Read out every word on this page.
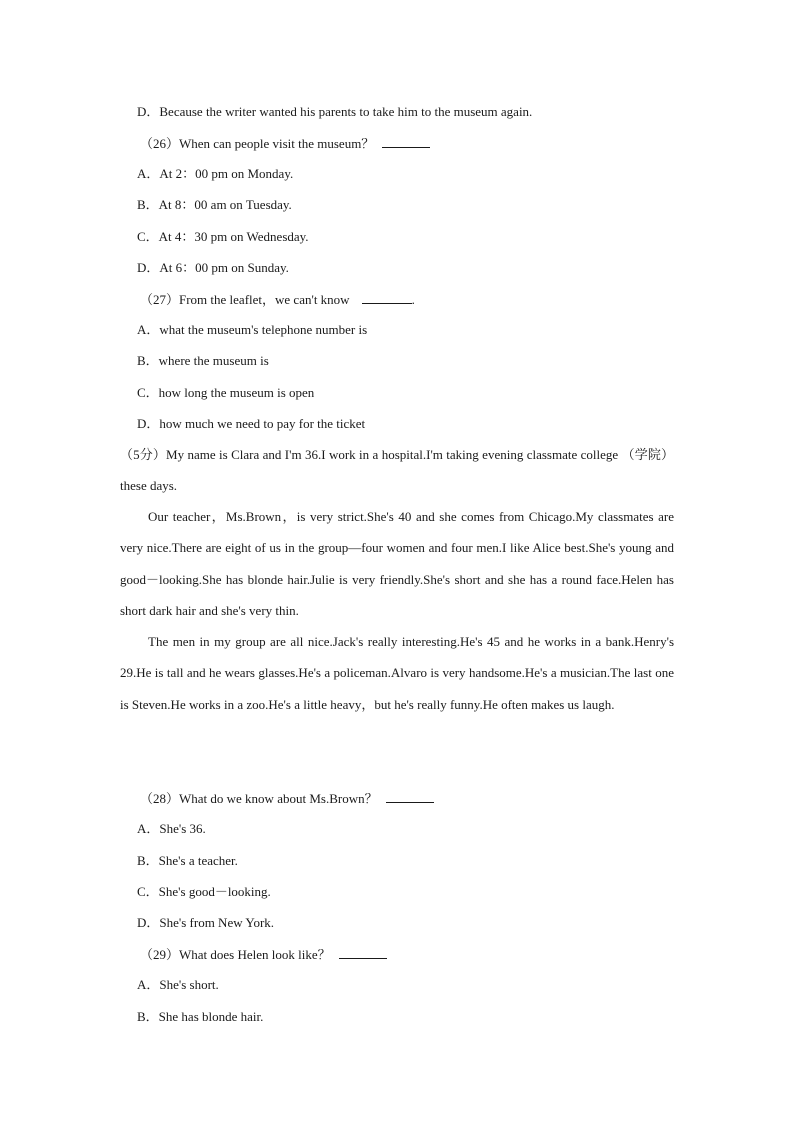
D．Because the writer wanted his parents to take him to the museum again.
（26）When can people visit the museum？
A．At 2：00 pm on Monday.
B．At 8：00 am on Tuesday.
C．At 4：30 pm on Wednesday.
D．At 6：00 pm on Sunday.
（27）From the leaflet，we can't know	.
A．what the museum's telephone number is
B．where the museum is
C．how long the museum is open
D．how much we need to pay for the ticket
（5分）My name is Clara and I'm 36.I work in a hospital.I'm taking evening classmate college （学院） these days.
Our teacher，Ms.Brown，is very strict.She's 40 and she comes from Chicago.My classmates are very nice.There are eight of us in the group—four women and four men.I like Alice best.She's young and good－looking.She has blonde hair.Julie is very friendly.She's short and she has a round face.Helen has short dark hair and she's very thin.
The men in my group are all nice.Jack's really interesting.He's 45 and he works in a bank.Henry's 29.He is tall and he wears glasses.He's a policeman.Alvaro is very handsome.He's a musician.The last one is Steven.He works in a zoo.He's a little heavy，but he's really funny.He often makes us laugh.
（28）What do we know about Ms.Brown？
A．She's 36.
B．She's a teacher.
C．She's good－looking.
D．She's from New York.
（29）What does Helen look like？
A．She's short.
B．She has blonde hair.
